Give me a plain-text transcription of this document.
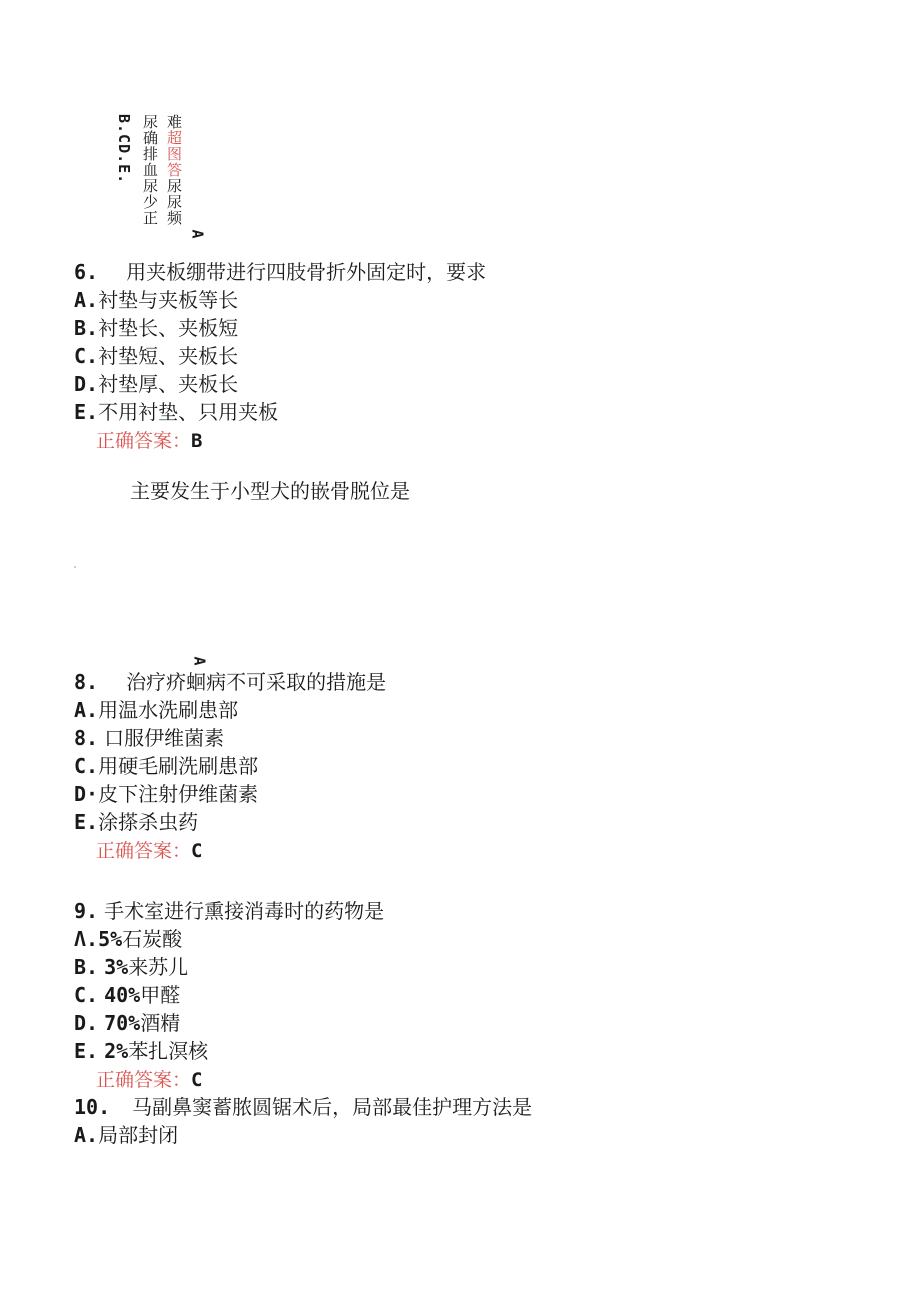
难超图答尿尿频
尿确排血尿少正
B.CD.E.
A
6. 用夹板绷带进行四肢骨折外固定时，要求
A.衬垫与夹板等长
B.衬垫长、夹板短
C.衬垫短、夹板长
D.衬垫厚、夹板长
E.不用衬垫、只用夹板
正确答案：B
主要发生于小型犬的嵌骨脱位是
A
8. 治疗疥蛔病不可采取的措施是
A.用温水洗刷患部
8. 口服伊维菌素
C.用硬毛刷洗刷患部
D·皮下注射伊维菌素
E.涂搽杀虫药
正确答案：C
9. 手术室进行熏接消毒时的药物是
Λ.5%石炭酸
B. 3%来苏儿
C. 40%甲醛
D. 70%酒精
E. 2%苯扎溟核
正确答案：C
10. 马副鼻窦蓄脓圆锯术后，局部最佳护理方法是
A.局部封闭
